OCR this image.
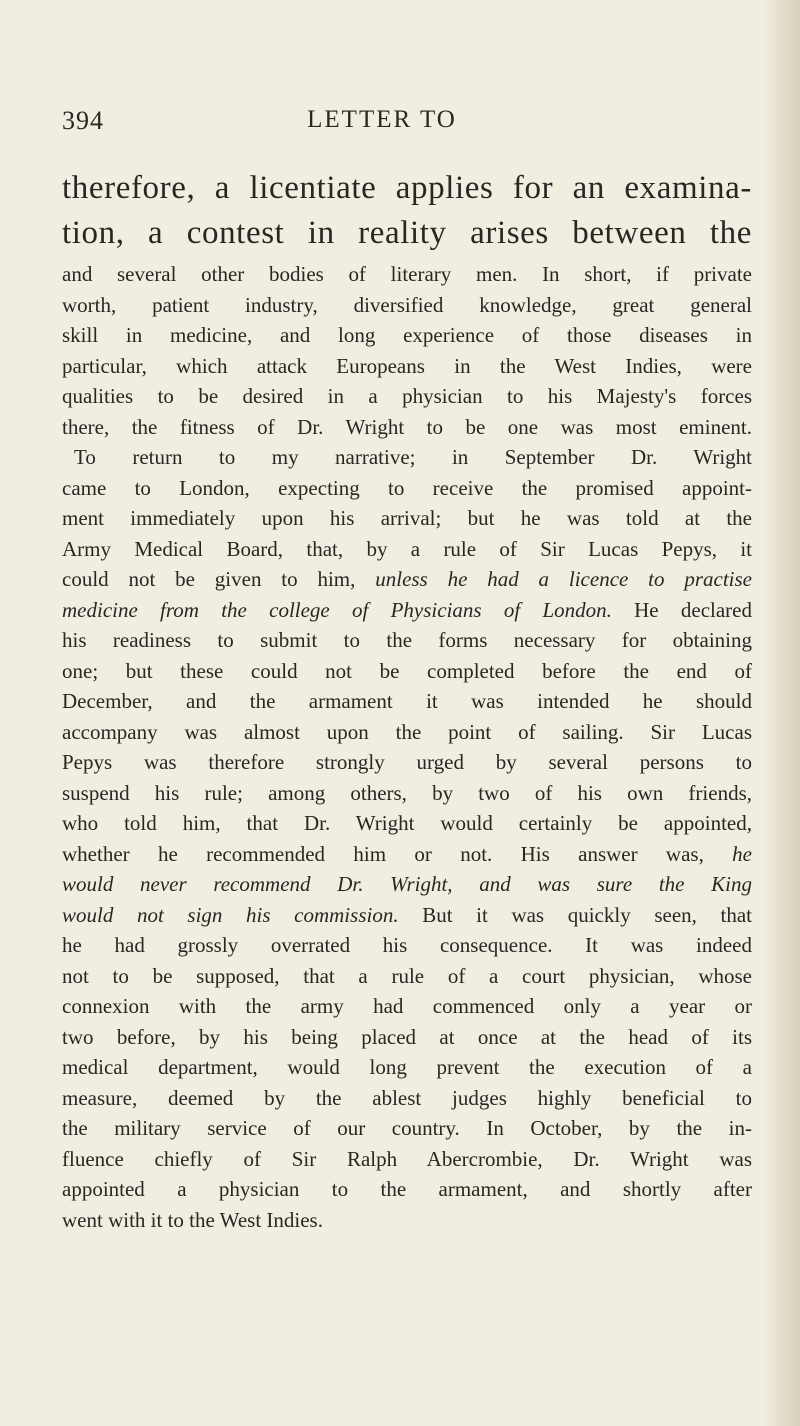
394	LETTER TO
therefore, a licentiate applies for an examina-
tion, a contest in reality arises between the
and several other bodies of literary men. In short, if private
worth, patient industry, diversified knowledge, great general
skill in medicine, and long experience of those diseases in
particular, which attack Europeans in the West Indies, were
qualities to be desired in a physician to his Majesty's forces
there, the fitness of Dr. Wright to be one was most eminent.
To return to my narrative; in September Dr. Wright
came to London, expecting to receive the promised appoint-
ment immediately upon his arrival; but he was told at the
Army Medical Board, that, by a rule of Sir Lucas Pepys, it
could not be given to him, unless he had a licence to practise
medicine from the college of Physicians of London. He declared
his readiness to submit to the forms necessary for obtaining
one; but these could not be completed before the end of
December, and the armament it was intended he should
accompany was almost upon the point of sailing. Sir Lucas
Pepys was therefore strongly urged by several persons to
suspend his rule; among others, by two of his own friends,
who told him, that Dr. Wright would certainly be appointed,
whether he recommended him or not. His answer was, he
would never recommend Dr. Wright, and was sure the King
would not sign his commission. But it was quickly seen, that
he had grossly overrated his consequence. It was indeed
not to be supposed, that a rule of a court physician, whose
connexion with the army had commenced only a year or
two before, by his being placed at once at the head of its
medical department, would long prevent the execution of a
measure, deemed by the ablest judges highly beneficial to
the military service of our country. In October, by the in-
fluence chiefly of Sir Ralph Abercrombie, Dr. Wright was
appointed a physician to the armament, and shortly after
went with it to the West Indies.
